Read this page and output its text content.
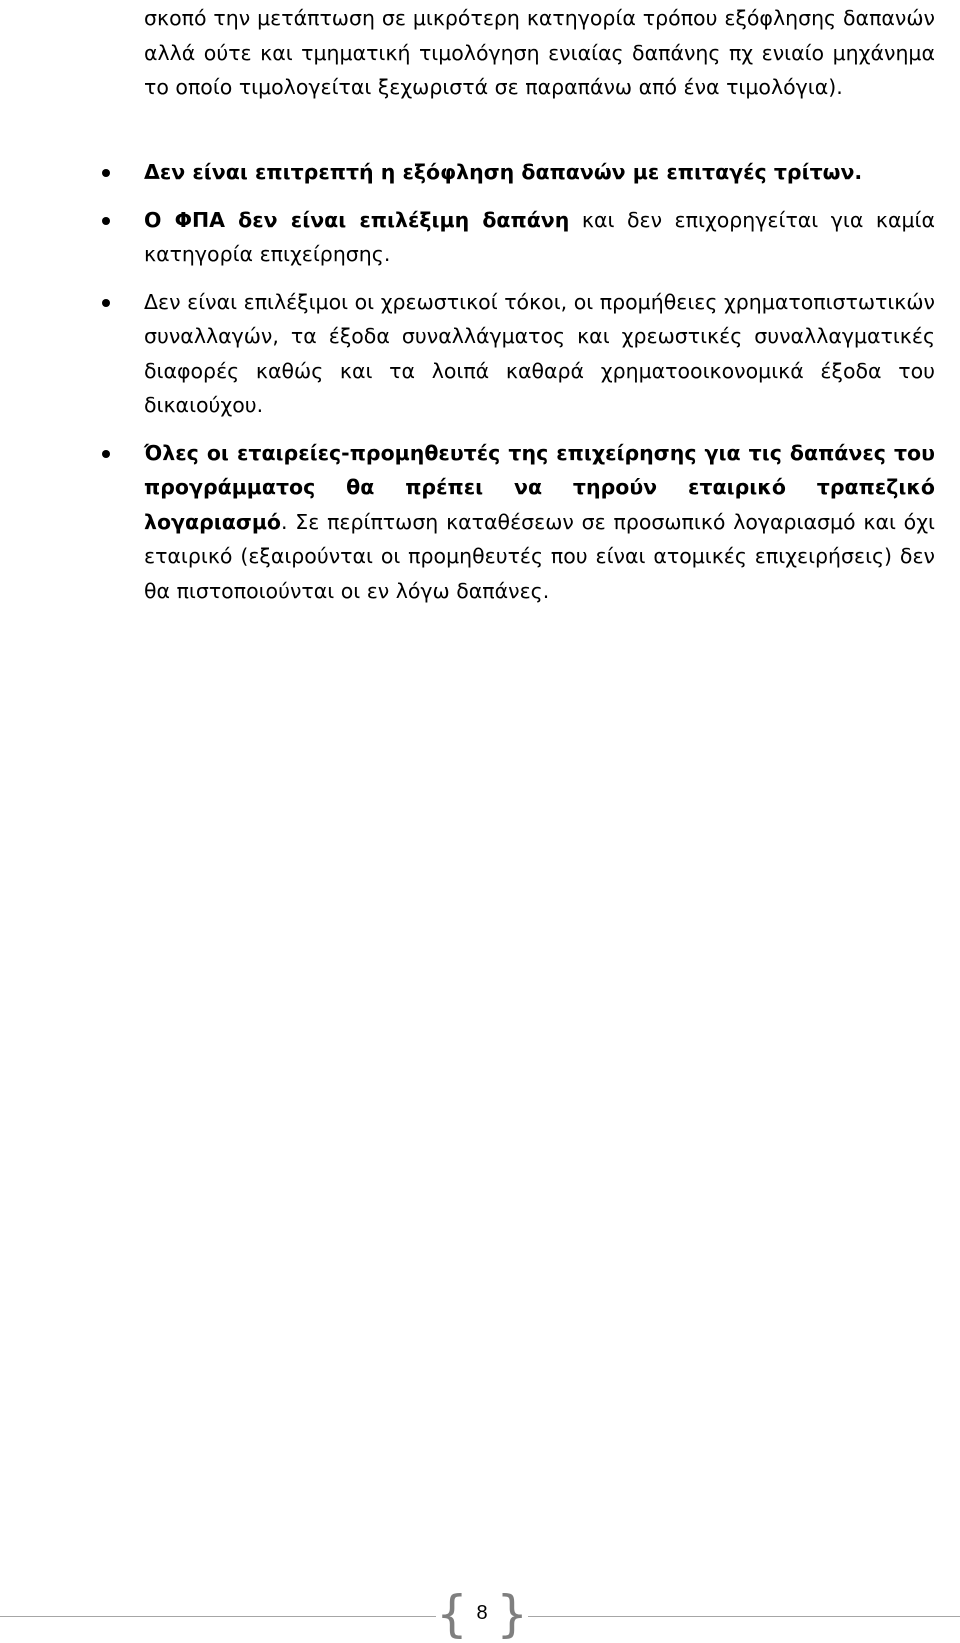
σκοπό την μετάπτωση σε μικρότερη κατηγορία τρόπου εξόφλησης δαπανών αλλά ούτε και τμηματική τιμολόγηση ενιαίας δαπάνης πχ ενιαίο μηχάνημα το οποίο τιμολογείται ξεχωριστά σε παραπάνω από ένα τιμολόγια).

Δεν είναι επιτρεπτή η εξόφληση δαπανών με επιταγές τρίτων.
Ο ΦΠΑ δεν είναι επιλέξιμη δαπάνη και δεν επιχορηγείται για καμία κατηγορία επιχείρησης.
Δεν είναι επιλέξιμοι οι χρεωστικοί τόκοι, οι προμήθειες χρηματοπιστωτικών συναλλαγών, τα έξοδα συναλλάγματος και χρεωστικές συναλλαγματικές διαφορές καθώς και τα λοιπά καθαρά χρηματοοικονομικά έξοδα του δικαιούχου.
Όλες οι εταιρείες-προμηθευτές της επιχείρησης για τις δαπάνες του προγράμματος θα πρέπει να τηρούν εταιρικό τραπεζικό λογαριασμό. Σε περίπτωση καταθέσεων σε προσωπικό λογαριασμό και όχι εταιρικό (εξαιρούνται οι προμηθευτές που είναι ατομικές επιχειρήσεις) δεν θα πιστοποιούνται οι εν λόγω δαπάνες.
{ 8 }
